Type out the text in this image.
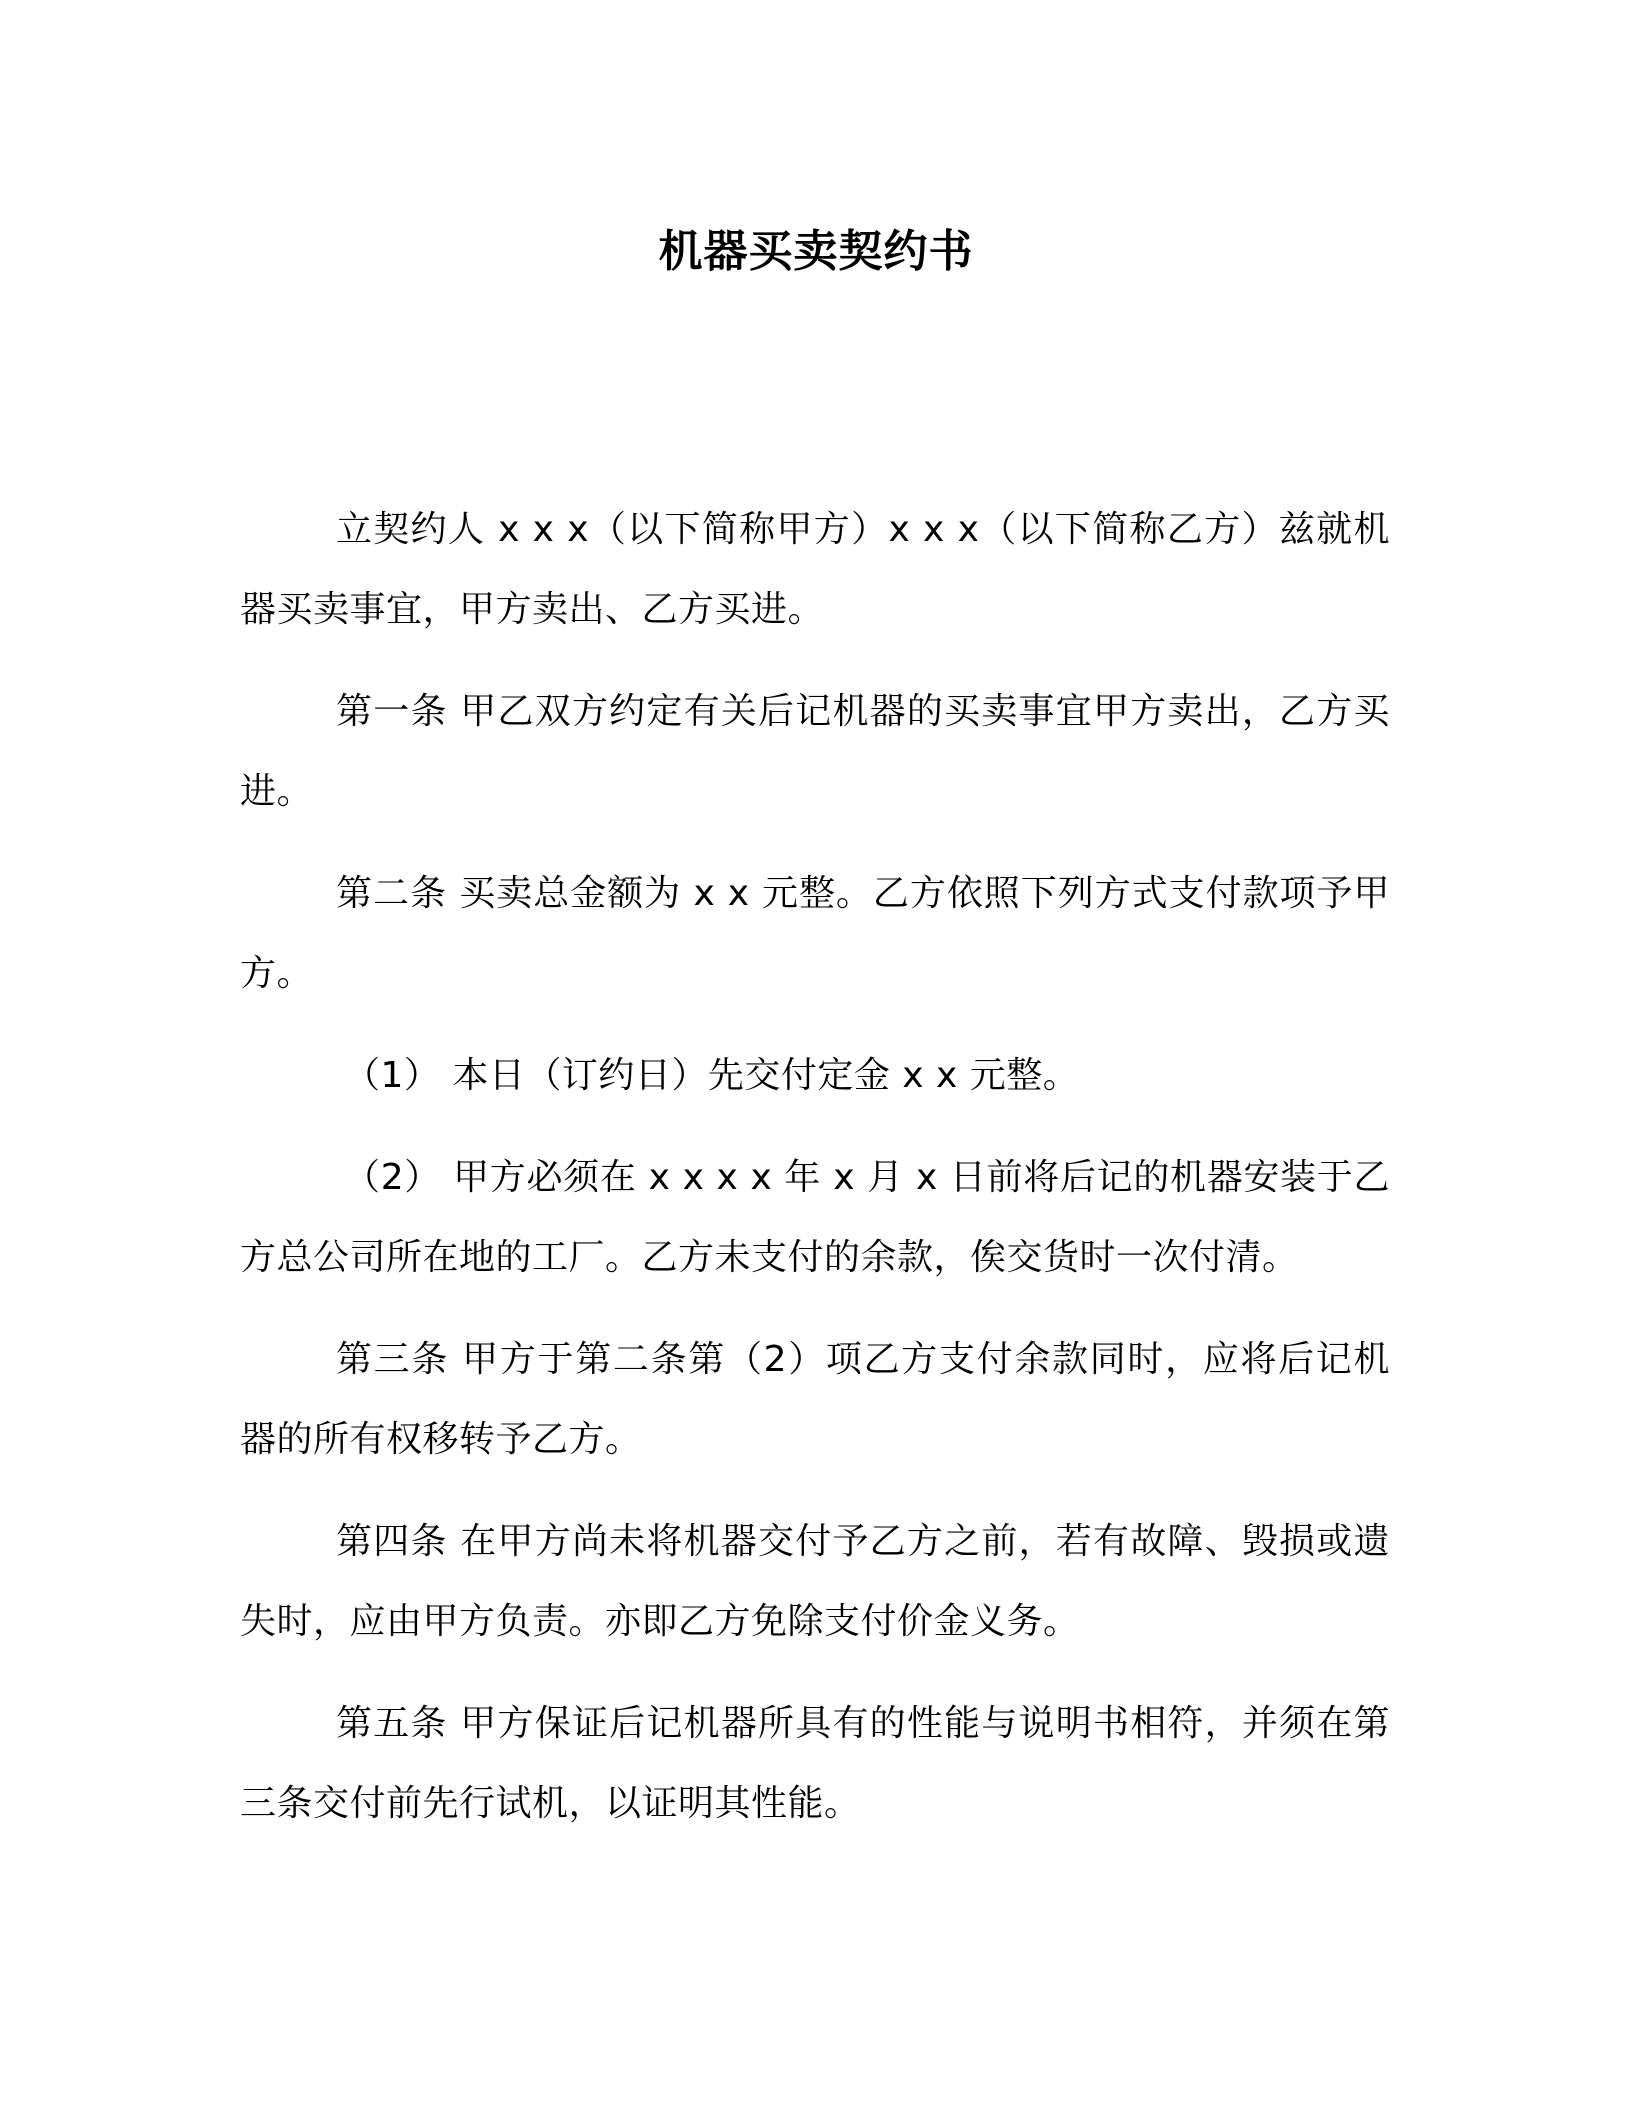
机器买卖契约书

立契约人 x x x（以下简称甲方）x x x（以下简称乙方）兹就机器买卖事宜，甲方卖出、乙方买进。

第一条 甲乙双方约定有关后记机器的买卖事宜甲方卖出，乙方买进。

第二条 买卖总金额为 x x 元整。乙方依照下列方式支付款项予甲方。

（1） 本日（订约日）先交付定金 x x 元整。

（2） 甲方必须在 x x x x 年 x 月 x 日前将后记的机器安装于乙方总公司所在地的工厂。乙方未支付的余款，俟交货时一次付清。

第三条 甲方于第二条第（2）项乙方支付余款同时，应将后记机器的所有权移转予乙方。

第四条 在甲方尚未将机器交付予乙方之前，若有故障、毁损或遗失时，应由甲方负责。亦即乙方免除支付价金义务。

第五条 甲方保证后记机器所具有的性能与说明书相符，并须在第三条交付前先行试机，以证明其性能。
